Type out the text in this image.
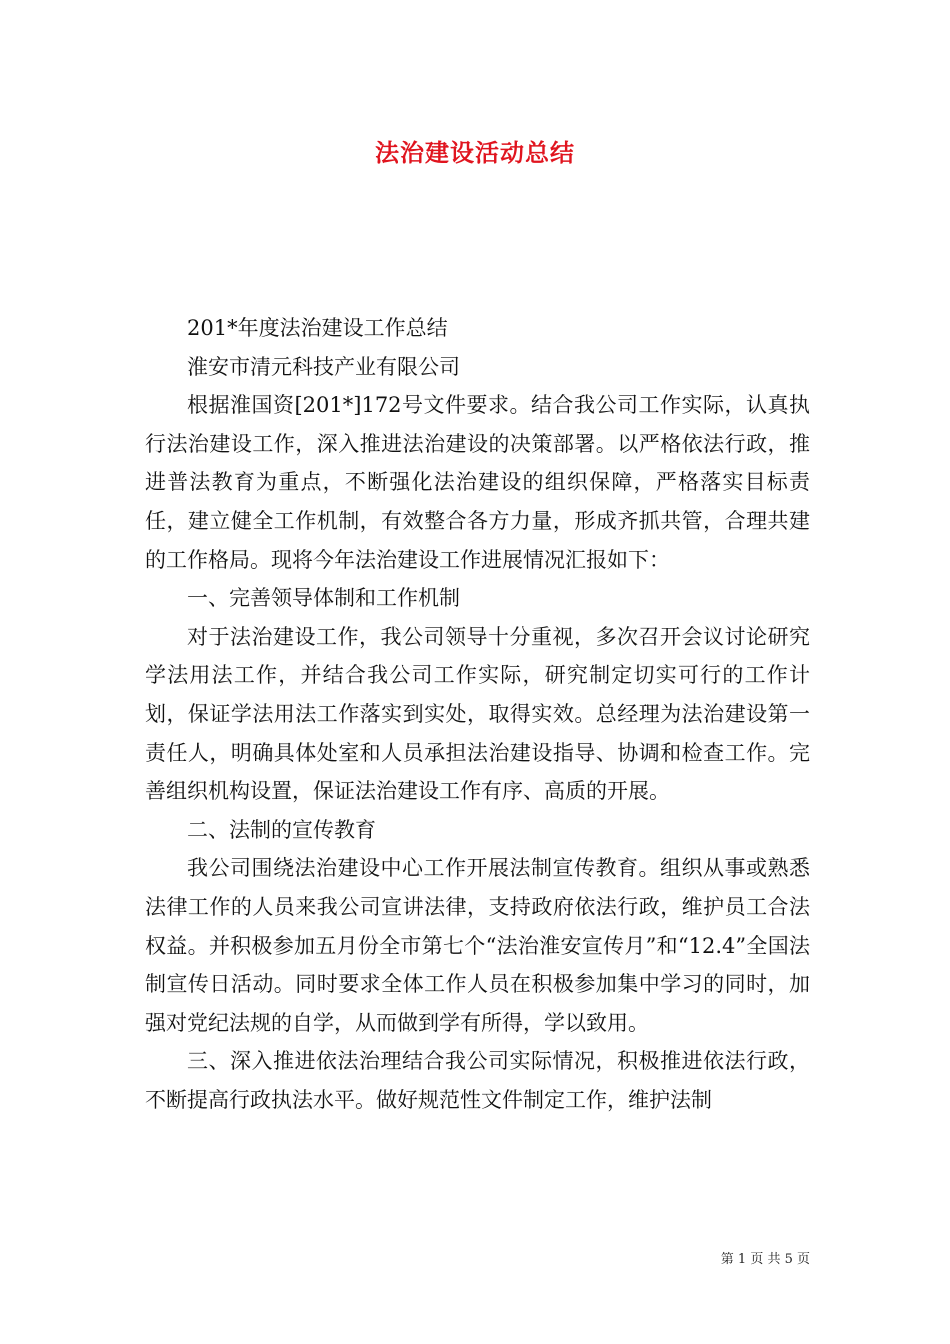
法治建设活动总结

201*年度法治建设工作总结

淮安市清元科技产业有限公司

根据淮国资[201*]172号文件要求。结合我公司工作实际，认真执行法治建设工作，深入推进法治建设的决策部署。以严格依法行政，推进普法教育为重点，不断强化法治建设的组织保障，严格落实目标责任，建立健全工作机制，有效整合各方力量，形成齐抓共管，合理共建的工作格局。现将今年法治建设工作进展情况汇报如下：

一、完善领导体制和工作机制

对于法治建设工作，我公司领导十分重视，多次召开会议讨论研究学法用法工作，并结合我公司工作实际，研究制定切实可行的工作计划，保证学法用法工作落实到实处，取得实效。总经理为法治建设第一责任人，明确具体处室和人员承担法治建设指导、协调和检查工作。完善组织机构设置，保证法治建设工作有序、高质的开展。

二、法制的宣传教育

我公司围绕法治建设中心工作开展法制宣传教育。组织从事或熟悉法律工作的人员来我公司宣讲法律，支持政府依法行政，维护员工合法权益。并积极参加五月份全市第七个“法治淮安宣传月”和“12.4”全国法制宣传日活动。同时要求全体工作人员在积极参加集中学习的同时，加强对党纪法规的自学，从而做到学有所得，学以致用。

三、深入推进依法治理结合我公司实际情况，积极推进依法行政，不断提高行政执法水平。做好规范性文件制定工作，维护法制

第 1 页 共 5 页
